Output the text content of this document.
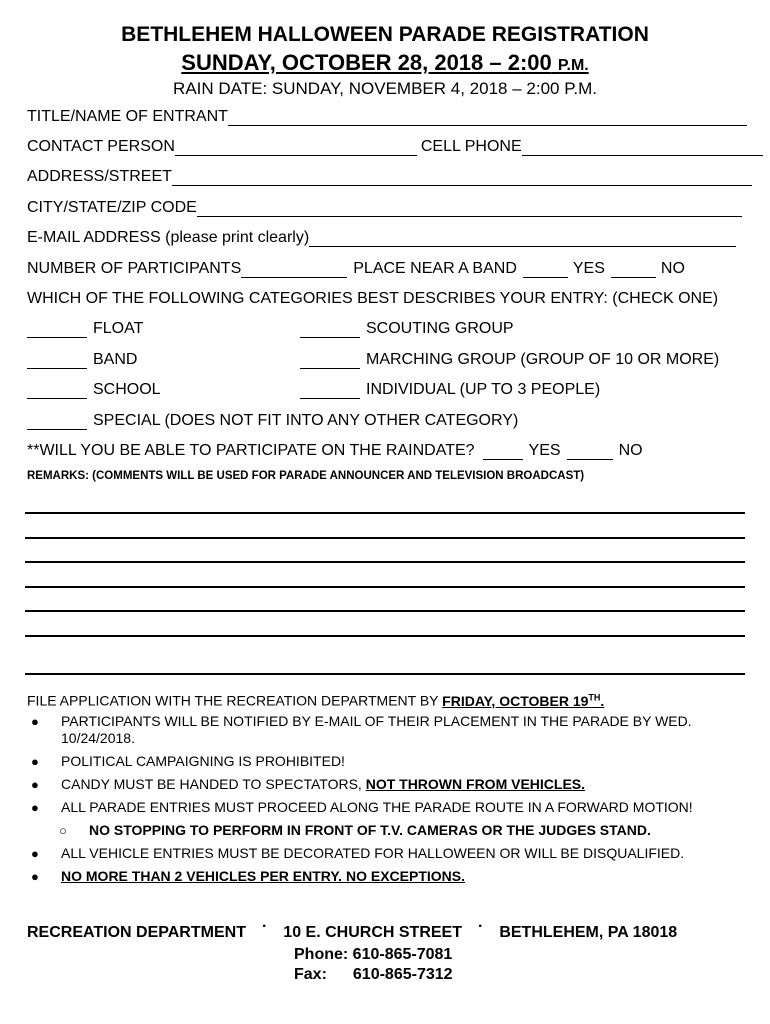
BETHLEHEM HALLOWEEN PARADE REGISTRATION
SUNDAY, OCTOBER 28, 2018 – 2:00 P.M.
RAIN DATE: SUNDAY, NOVEMBER 4, 2018 – 2:00 P.M.
TITLE/NAME OF ENTRANT
CONTACT PERSON	CELL PHONE
ADDRESS/STREET
CITY/STATE/ZIP CODE
E-MAIL ADDRESS (please print clearly)
NUMBER OF PARTICIPANTS	PLACE NEAR A BAND	YES	NO
WHICH OF THE FOLLOWING CATEGORIES BEST DESCRIBES YOUR ENTRY: (CHECK ONE)
FLOAT	SCOUTING GROUP
BAND	MARCHING GROUP (GROUP OF 10 OR MORE)
SCHOOL	INDIVIDUAL (UP TO 3 PEOPLE)
SPECIAL (DOES NOT FIT INTO ANY OTHER CATEGORY)
**WILL YOU BE ABLE TO PARTICIPATE ON THE RAINDATE?	YES	NO
REMARKS: (COMMENTS WILL BE USED FOR PARADE ANNOUNCER AND TELEVISION BROADCAST)
FILE APPLICATION WITH THE RECREATION DEPARTMENT BY FRIDAY, OCTOBER 19TH.
●	PARTICIPANTS WILL BE NOTIFIED BY E-MAIL OF THEIR PLACEMENT IN THE PARADE BY WED. 10/24/2018.
●	POLITICAL CAMPAIGNING IS PROHIBITED!
●	CANDY MUST BE HANDED TO SPECTATORS, NOT THROWN FROM VEHICLES.
●	ALL PARADE ENTRIES MUST PROCEED ALONG THE PARADE ROUTE IN A FORWARD MOTION!
○	NO STOPPING TO PERFORM IN FRONT OF T.V. CAMERAS OR THE JUDGES STAND.
●	ALL VEHICLE ENTRIES MUST BE DECORATED FOR HALLOWEEN OR WILL BE DISQUALIFIED.
●	NO MORE THAN 2 VEHICLES PER ENTRY. NO EXCEPTIONS.
RECREATION DEPARTMENT · 10 E. CHURCH STREET · BETHLEHEM, PA 18018
Phone: 610-865-7081
Fax: 610-865-7312
